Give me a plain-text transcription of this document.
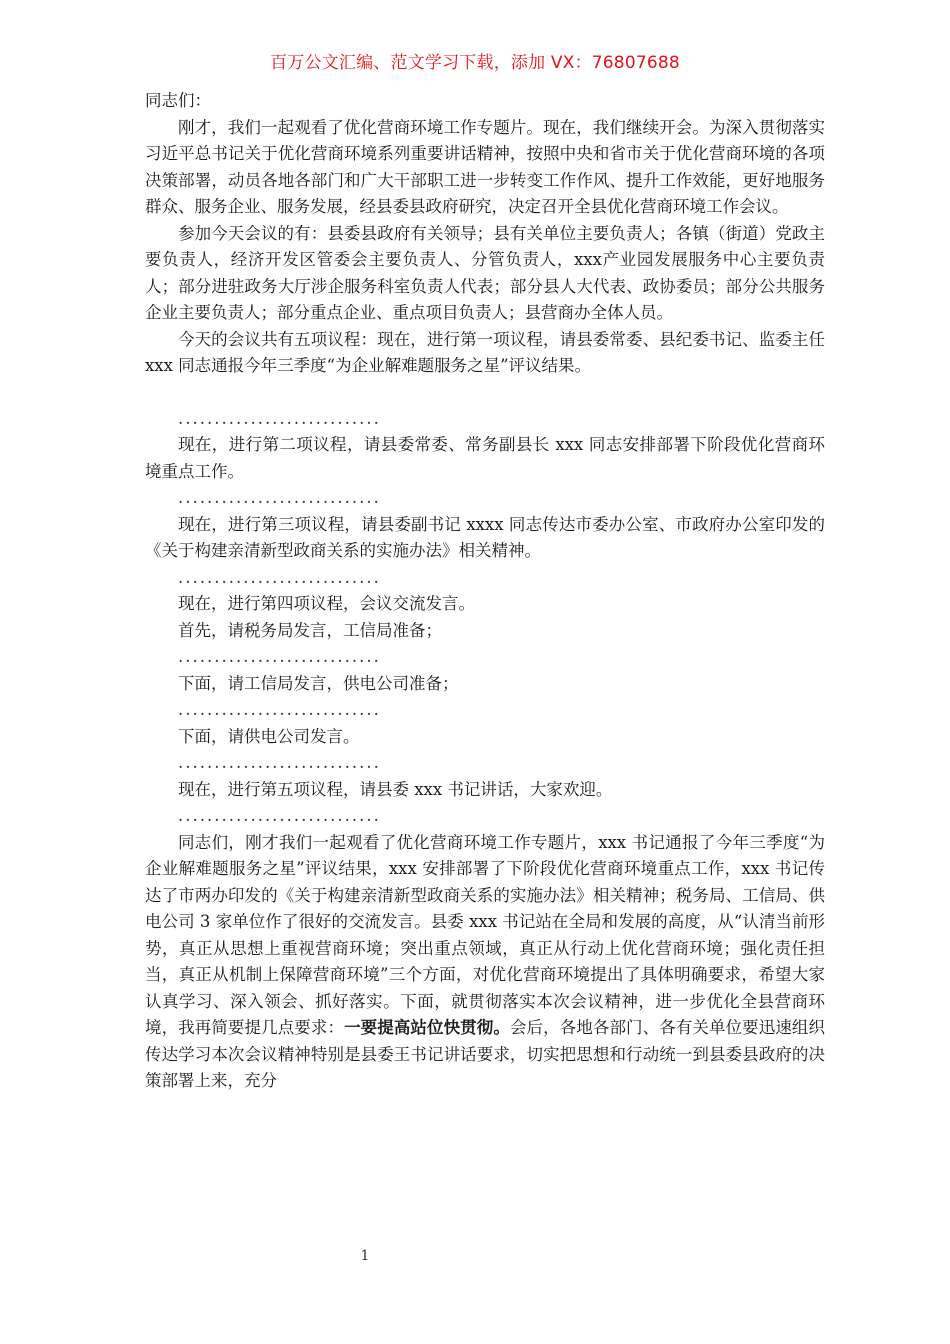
百万公文汇编、范文学习下载，添加 VX：76807688

同志们：

刚才，我们一起观看了优化营商环境工作专题片。现在，我们继续开会。为深入贯彻落实习近平总书记关于优化营商环境系列重要讲话精神，按照中央和省市关于优化营商环境的各项决策部署，动员各地各部门和广大干部职工进一步转变工作作风、提升工作效能，更好地服务群众、服务企业、服务发展，经县委县政府研究，决定召开全县优化营商环境工作会议。

参加今天会议的有：县委县政府有关领导；县有关单位主要负责人；各镇（街道）党政主要负责人，经济开发区管委会主要负责人、分管负责人，xxx产业园发展服务中心主要负责人；部分进驻政务大厅涉企服务科室负责人代表；部分县人大代表、政协委员；部分公共服务企业主要负责人；部分重点企业、重点项目负责人；县营商办全体人员。

今天的会议共有五项议程：现在，进行第一项议程，请县委常委、县纪委书记、监委主任 xxx 同志通报今年三季度“为企业解难题服务之星”评议结果。

............................

现在，进行第二项议程，请县委常委、常务副县长 xxx 同志安排部署下阶段优化营商环境重点工作。

............................

现在，进行第三项议程，请县委副书记 xxxx 同志传达市委办公室、市政府办公室印发的《关于构建亲清新型政商关系的实施办法》相关精神。

............................

现在，进行第四项议程，会议交流发言。

首先，请税务局发言，工信局准备；

............................

下面，请工信局发言，供电公司准备；

............................

下面，请供电公司发言。

............................

现在，进行第五项议程，请县委 xxx 书记讲话，大家欢迎。

............................

同志们，刚才我们一起观看了优化营商环境工作专题片，xxx 书记通报了今年三季度“为企业解难题服务之星”评议结果，xxx 安排部署了下阶段优化营商环境重点工作，xxx 书记传达了市两办印发的《关于构建亲清新型政商关系的实施办法》相关精神；税务局、工信局、供电公司 3 家单位作了很好的交流发言。县委 xxx 书记站在全局和发展的高度，从“认清当前形势，真正从思想上重视营商环境；突出重点领域，真正从行动上优化营商环境；强化责任担当，真正从机制上保障营商环境”三个方面，对优化营商环境提出了具体明确要求，希望大家认真学习、深入领会、抓好落实。下面，就贯彻落实本次会议精神，进一步优化全县营商环境，我再简要提几点要求：一要提高站位快贯彻。会后，各地各部门、各有关单位要迅速组织传达学习本次会议精神特别是县委王书记讲话要求，切实把思想和行动统一到县委县政府的决策部署上来，充分

1
